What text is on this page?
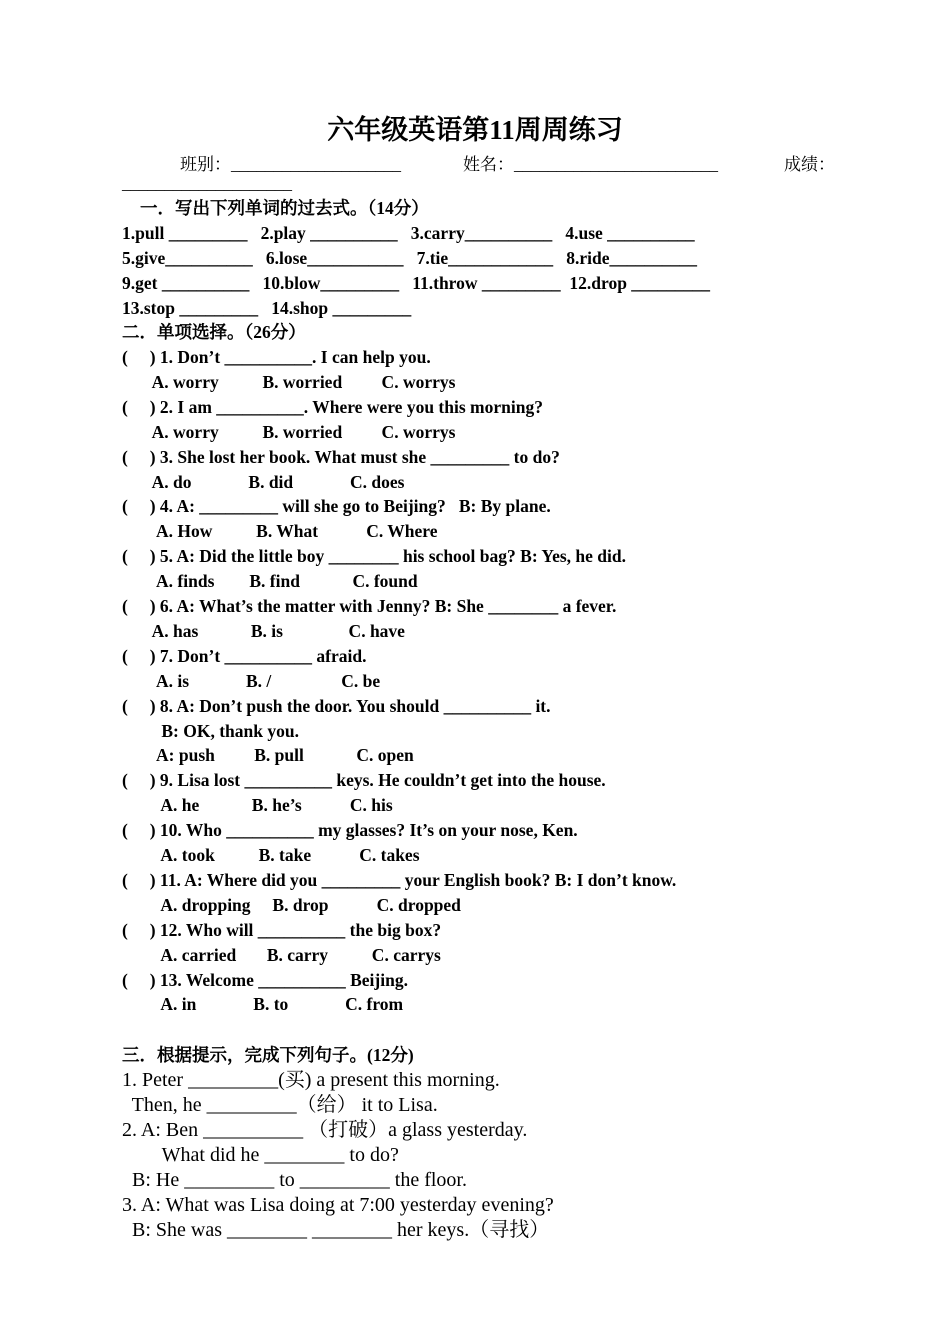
六年级英语第11周周练习
班别：____________________	姓名：________________________	成绩：
____________________
一．写出下列单词的过去式。（14分）
1.pull _________   2.play __________   3.carry__________   4.use __________
5.give__________   6.lose___________   7.tie____________   8.ride__________
9.get __________   10.blow_________   11.throw _________  12.drop _________
13.stop _________   14.shop _________
二．单项选择。（26分）
(     ) 1. Don’t __________. I can help you.
A. worry          B. worried         C. worrys
(     ) 2. I am __________. Where were you this morning?
A. worry          B. worried         C. worrys
(     ) 3. She lost her book. What must she _________ to do?
A. do             B. did             C. does
(     ) 4. A: _________ will she go to Beijing?   B: By plane.
A. How          B. What           C. Where
(     ) 5. A: Did the little boy ________ his school bag? B: Yes, he did.
A. finds        B. find            C. found
(     ) 6. A: What’s the matter with Jenny? B: She ________ a fever.
A. has            B. is               C. have
(     ) 7. Don’t __________ afraid.
A. is             B. /                C. be
(     ) 8. A: Don’t push the door. You should __________ it.
B: OK, thank you.
A: push         B. pull            C. open
(     ) 9. Lisa lost __________ keys. He couldn’t get into the house.
A. he            B. he’s           C. his
(     ) 10. Who __________ my glasses? It’s on your nose, Ken.
A. took          B. take           C. takes
(     ) 11. A: Where did you _________ your English book? B: I don’t know.
A. dropping     B. drop           C. dropped
(     ) 12. Who will __________ the big box?
A. carried       B. carry          C. carrys
(     ) 13. Welcome __________ Beijing.
A. in             B. to             C. from
三．根据提示，完成下列句子。(12分)
1. Peter _________(买) a present this morning.
Then, he _________（给） it to Lisa.
2. A: Ben __________ （打破）a glass yesterday.
What did he ________ to do?
B: He _________ to _________ the floor.
3. A: What was Lisa doing at 7:00 yesterday evening?
B: She was ________ ________ her keys.（寻找）
